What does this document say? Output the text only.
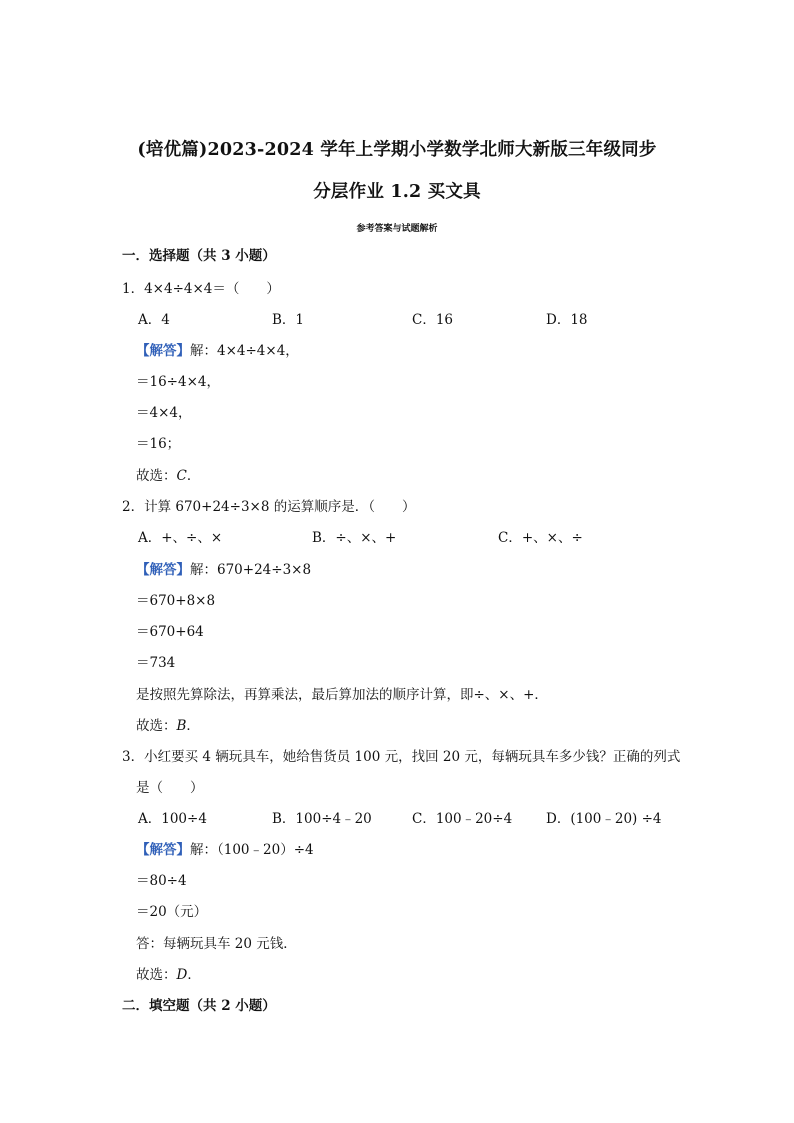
(培优篇)2023-2024 学年上学期小学数学北师大新版三年级同步
分层作业 1.2 买文具
参考答案与试题解析
一．选择题（共 3 小题）
1．4×4÷4×4＝（　　）
A．4	B．1	C．16	D．18
【解答】解：4×4÷4×4，
＝16÷4×4，
＝4×4，
＝16；
故选：C．
2．计算 670+24÷3×8 的运算顺序是．（　　）
A．+、÷、×	B．÷、×、+	C．+、×、÷
【解答】解：670+24÷3×8
＝670+8×8
＝670+64
＝734
是按照先算除法，再算乘法，最后算加法的顺序计算，即÷、×、+．
故选：B．
3．小红要买 4 辆玩具车，她给售货员 100 元，找回 20 元，每辆玩具车多少钱？正确的列式
是（　　）
A．100÷4	B．100÷4﹣20	C．100﹣20÷4	D．(100﹣20) ÷4
【解答】解：（100﹣20）÷4
＝80÷4
＝20（元）
答：每辆玩具车 20 元钱．
故选：D．
二．填空题（共 2 小题）
